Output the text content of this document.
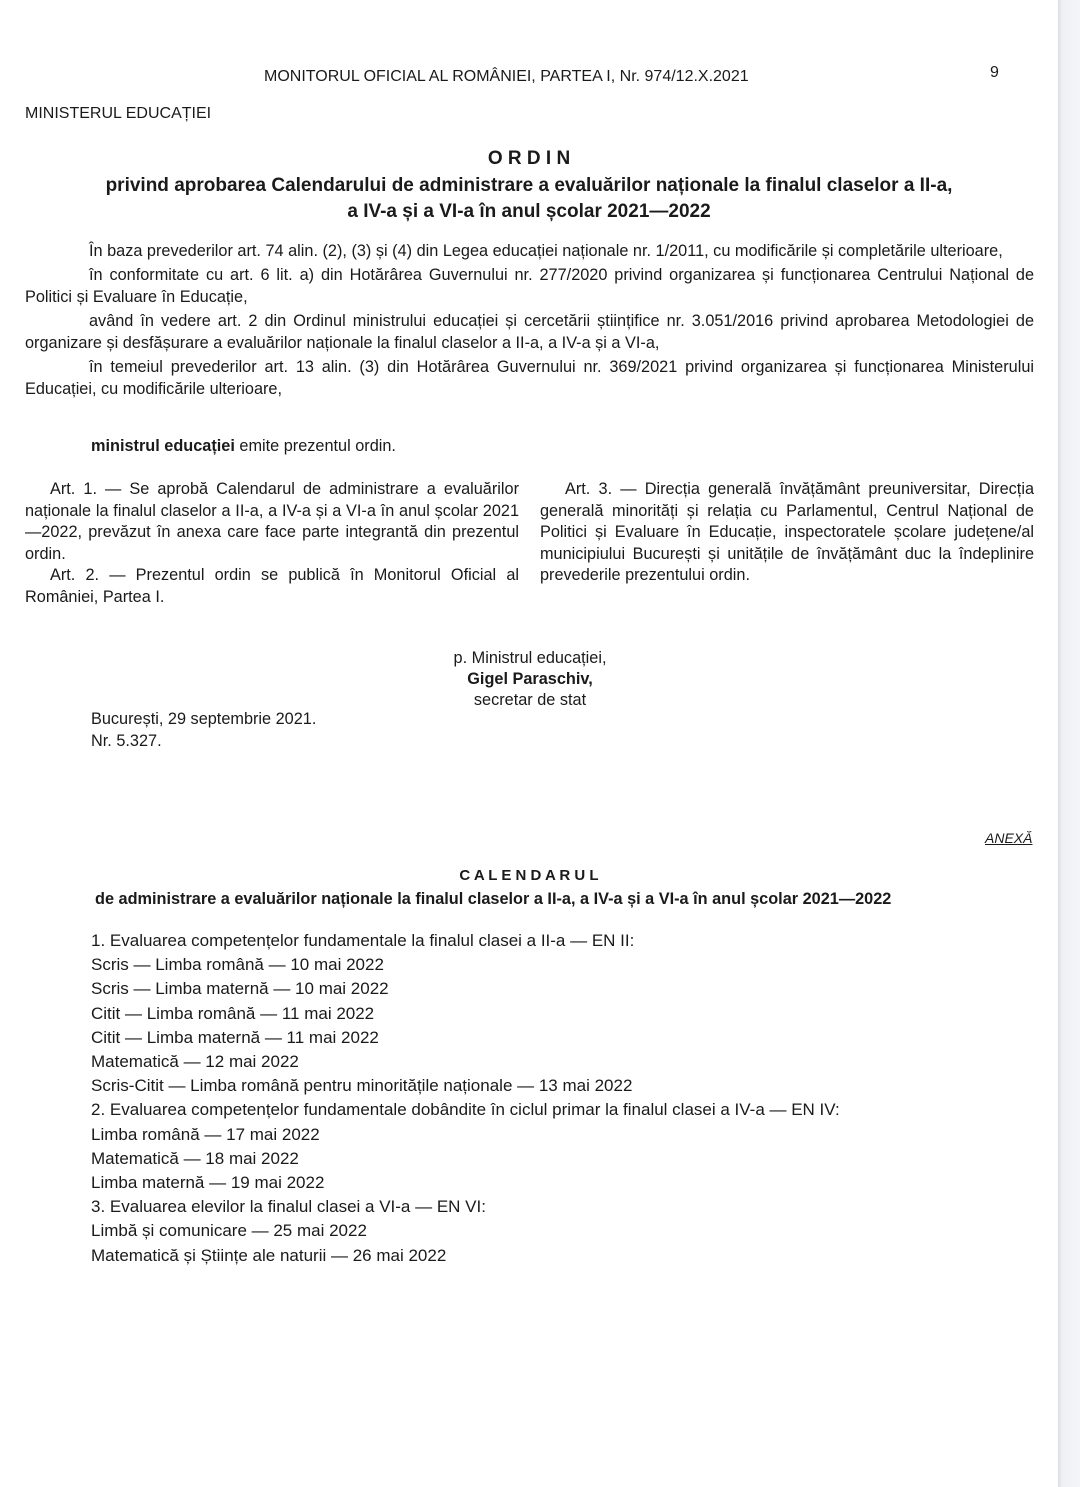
MONITORUL OFICIAL AL ROMÂNIEI, PARTEA I, Nr. 974/12.X.2021	9
MINISTERUL EDUCAȚIEI
O R D I N
privind aprobarea Calendarului de administrare a evaluărilor naționale la finalul claselor a II-a,
a IV-a și a VI-a în anul școlar 2021—2022

În baza prevederilor art. 74 alin. (2), (3) și (4) din Legea educației naționale nr. 1/2011, cu modificările și completările ulterioare,

în conformitate cu art. 6 lit. a) din Hotărârea Guvernului nr. 277/2020 privind organizarea și funcționarea Centrului Național de Politici și Evaluare în Educație,

având în vedere art. 2 din Ordinul ministrului educației și cercetării științifice nr. 3.051/2016 privind aprobarea Metodologiei de organizare și desfășurare a evaluărilor naționale la finalul claselor a II-a, a IV-a și a VI-a,

în temeiul prevederilor art. 13 alin. (3) din Hotărârea Guvernului nr. 369/2021 privind organizarea și funcționarea Ministerului Educației, cu modificările ulterioare,

ministrul educației emite prezentul ordin.

Art. 1. — Se aprobă Calendarul de administrare a evaluărilor naționale la finalul claselor a II-a, a IV-a și a VI-a în anul școlar 2021—2022, prevăzut în anexa care face parte integrantă din prezentul ordin.

Art. 2. — Prezentul ordin se publică în Monitorul Oficial al României, Partea I.

Art. 3. — Direcția generală învățământ preuniversitar, Direcția generală minorități și relația cu Parlamentul, Centrul Național de Politici și Evaluare în Educație, inspectoratele școlare județene/al municipiului București și unitățile de învățământ duc la îndeplinire prevederile prezentului ordin.

p. Ministrul educației,
Gigel Paraschiv,
secretar de stat
București, 29 septembrie 2021.
Nr. 5.327.
ANEXĂ
C A L E N D A R U L
de administrare a evaluărilor naționale la finalul claselor a II-a, a IV-a și a VI-a în anul școlar 2021—2022
1. Evaluarea competențelor fundamentale la finalul clasei a II-a — EN II:
Scris — Limba română — 10 mai 2022
Scris — Limba maternă — 10 mai 2022
Citit — Limba română — 11 mai 2022
Citit — Limba maternă — 11 mai 2022
Matematică — 12 mai 2022
Scris-Citit — Limba română pentru minoritățile naționale — 13 mai 2022
2. Evaluarea competențelor fundamentale dobândite în ciclul primar la finalul clasei a IV-a — EN IV:
Limba română — 17 mai 2022
Matematică — 18 mai 2022
Limba maternă — 19 mai 2022
3. Evaluarea elevilor la finalul clasei a VI-a — EN VI:
Limbă și comunicare — 25 mai 2022
Matematică și Științe ale naturii — 26 mai 2022
